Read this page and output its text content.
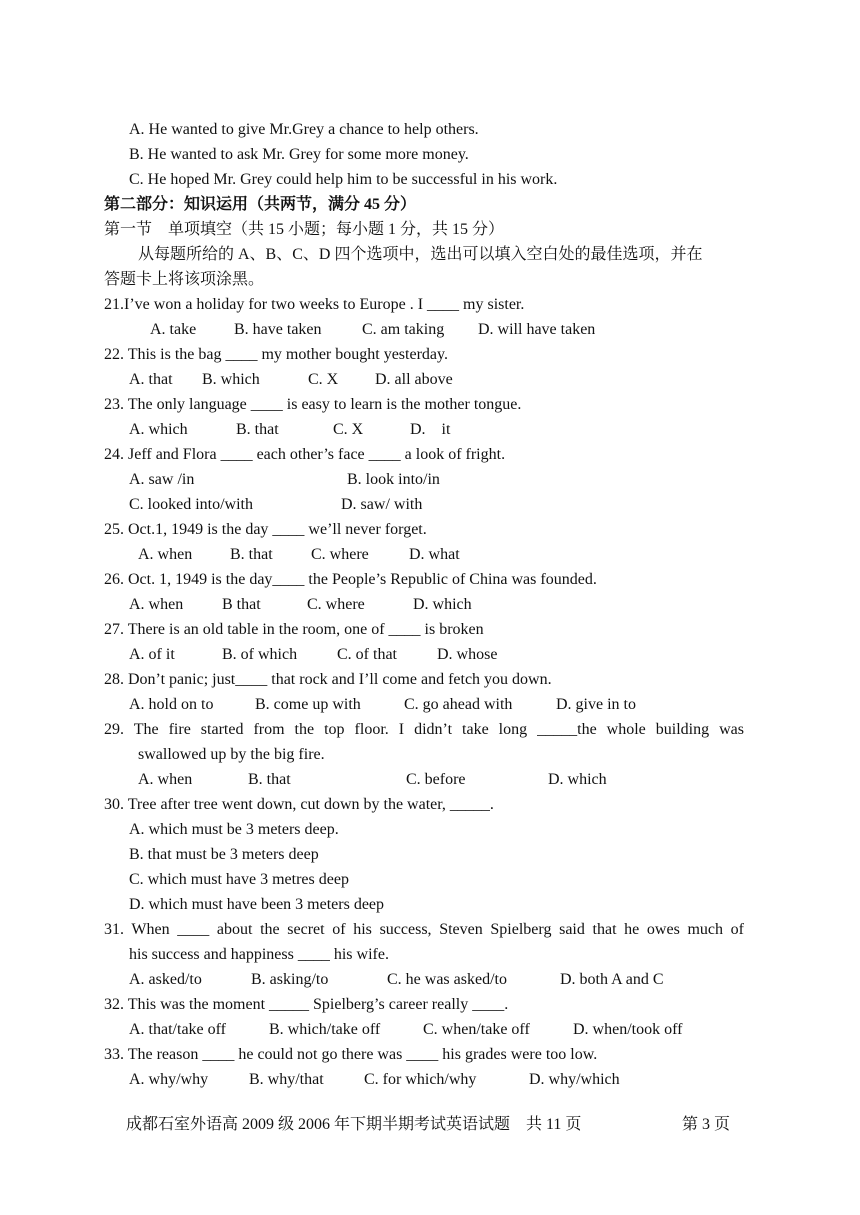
A. He wanted to give Mr.Grey a chance to help others.
B. He wanted to ask Mr. Grey for some more money.
C. He hoped Mr. Grey could help him to be successful in his work.
第二部分：知识运用（共两节，满分 45 分）
第一节　单项填空（共 15 小题；每小题 1 分，共 15 分）
从每题所给的 A、B、C、D 四个选项中，选出可以填入空白处的最佳选项，并在
答题卡上将该项涂黑。
21.I’ve won a holiday for two weeks to Europe . I ____ my sister.
A. take B. have taken	C. am taking D. will have taken
22. This is the bag ____ my mother bought yesterday.
A. that B. which	C. X D. all above
23. The only language ____ is easy to learn is the mother tongue.
A. which	B. that	C. X	D.    it
24. Jeff and Flora ____ each other’s face ____ a look of fright.
A. saw /in	B. look into/in
C. looked into/with	D. saw/ with
25. Oct.1, 1949 is the day ____ we’ll never forget.
A. when B. that C. where	D. what
26. Oct. 1, 1949 is the day____ the People’s Republic of China was founded.
A. when B that	C. where	D. which
27. There is an old table in the room, one of ____ is broken
A. of it	B. of which C. of that	D. whose
28. Don’t panic; just____ that rock and I’ll come and fetch you down.
A. hold on to	B. come up with	C. go ahead with	D. give in to
29. The fire started from the top floor. I didn’t take long _____the whole building was
swallowed up by the big fire.
A. when	B. that	C. before	D. which
30. Tree after tree went down, cut down by the water, _____.
A. which must be 3 meters deep.
B. that must be 3 meters deep
C. which must have 3 metres deep
D. which must have been 3 meters deep
31. When ____ about the secret of his success, Steven Spielberg said that he owes much of
his success and happiness ____ his wife.
A. asked/to	B. asking/to	C. he was asked/to	D. both A and C
32. This was the moment _____ Spielberg’s career really ____.
A. that/take off	B. which/take off	C. when/take off	D. when/took off
33. The reason ____ he could not go there was ____ his grades were too low.
A. why/why	B. why/that	C. for which/why	D. why/which
成都石室外语高 2009 级 2006 年下期半期考试英语试题　共 11 页	第 3 页
